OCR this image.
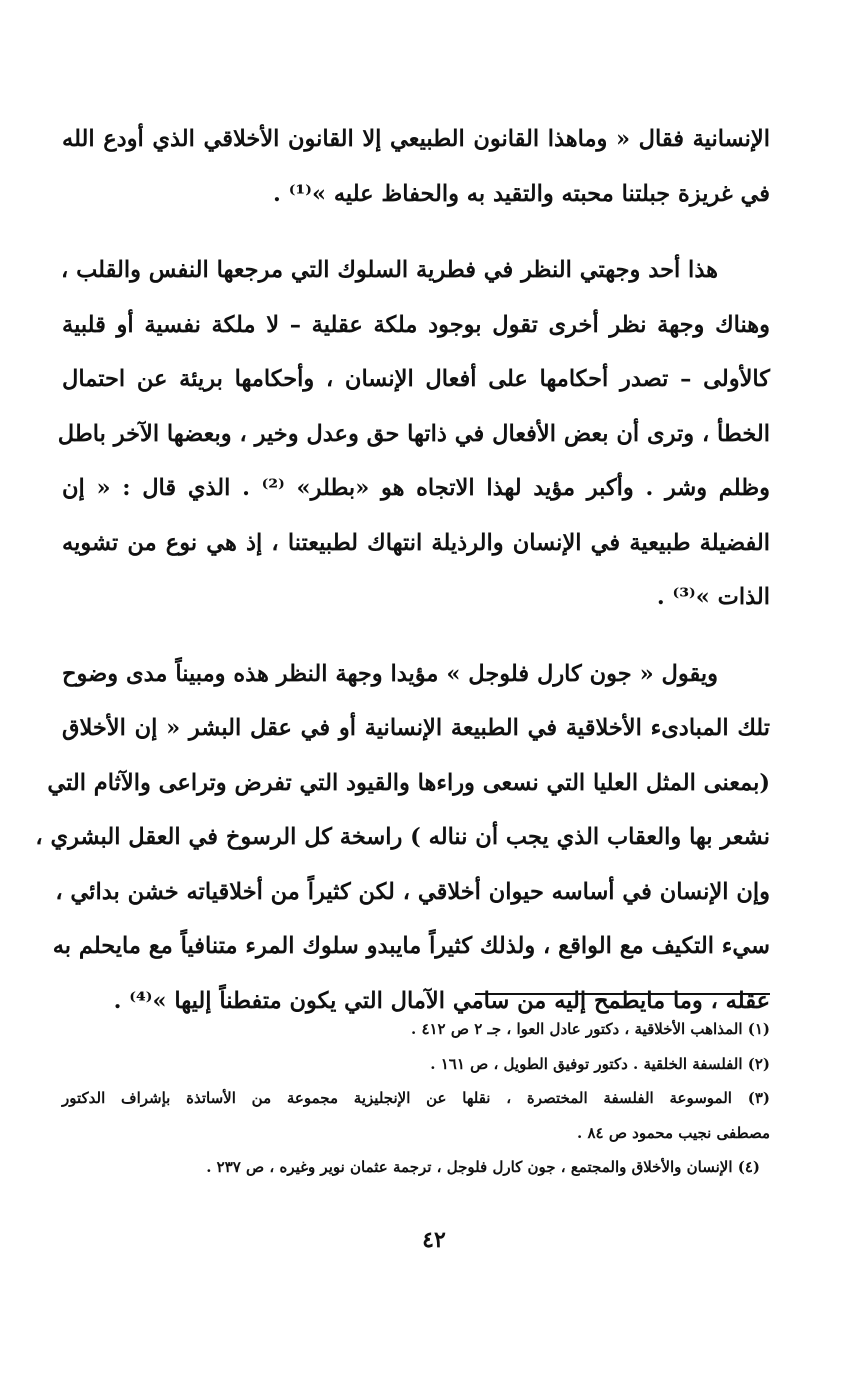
الإنسانية فقال « وماهذا القانون الطبيعي إلا القانون الأخلاقي الذي أودع الله
في غريزة جبلتنا محبته والتقيد به والحفاظ عليه »⁽¹⁾ .
هذا أحد وجهتي النظر في فطرية السلوك التي مرجعها النفس والقلب ،
وهناك وجهة نظر أخرى تقول بوجود ملكة عقلية – لا ملكة نفسية أو قلبية
كالأولى – تصدر أحكامها على أفعال الإنسان ، وأحكامها بريئة عن احتمال
الخطأ ، وترى أن بعض الأفعال في ذاتها حق وعدل وخير ، وبعضها الآخر باطل
وظلم وشر . وأكبر مؤيد لهذا الاتجاه هو «بطلر» ⁽²⁾ . الذي قال : « إن
الفضيلة طبيعية في الإنسان والرذيلة انتهاك لطبيعتنا ، إذ هي نوع من تشويه
الذات »⁽³⁾ .
ويقول « جون كارل فلوجل » مؤيدا وجهة النظر هذه ومبيناً مدى وضوح
تلك المبادىء الأخلاقية في الطبيعة الإنسانية أو في عقل البشر « إن الأخلاق
(بمعنى المثل العليا التي نسعى وراءها والقيود التي تفرض وتراعى والآثام التي
نشعر بها والعقاب الذي يجب أن نناله ) راسخة كل الرسوخ في العقل البشري ،
وإن الإنسان في أساسه حيوان أخلاقي ، لكن كثيراً من أخلاقياته خشن بدائي ،
سيء التكيف مع الواقع ، ولذلك كثيراً مايبدو سلوك المرء متنافياً مع مايحلم به
عقله ، وما مايطمح إليه من سامي الآمال التي يكون متفطناً إليها »⁽⁴⁾ .
(١) المذاهب الأخلاقية ، دكتور عادل العوا ، جـ ٢ ص ٤١٢ .
(٢) الفلسفة الخلقية . دكتور توفيق الطويل ، ص ١٦١ .
(٣) الموسوعة الفلسفة المختصرة ، نقلها عن الإنجليزية مجموعة من الأساتذة بإشراف الدكتور
مصطفى نجيب محمود ص ٨٤ .
(٤) الإنسان والأخلاق والمجتمع ، جون كارل فلوجل ، ترجمة عثمان نوير وغيره ، ص ٢٣٧ .
٤٢
